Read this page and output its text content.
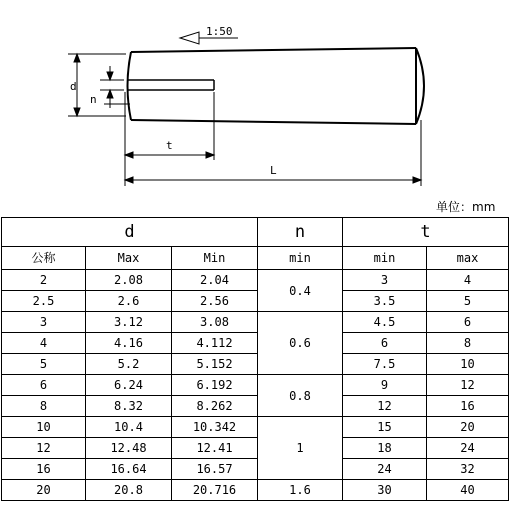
1:50
d
n
t
L
单位：mm
d			n	t	
公称	Max	Min	min	min	max
2	2.08	2.04	0.4	3	4
2.5	2.6	2.56		3.5	5
3	3.12	3.08	0.6	4.5	6
4	4.16	4.112		6	8
5	5.2	5.152		7.5	10
6	6.24	6.192	0.8	9	12
8	8.32	8.262		12	16
10	10.4	10.342	1	15	20
12	12.48	12.41		18	24
16	16.64	16.57		24	32
20	20.8	20.716	1.6	30	40
